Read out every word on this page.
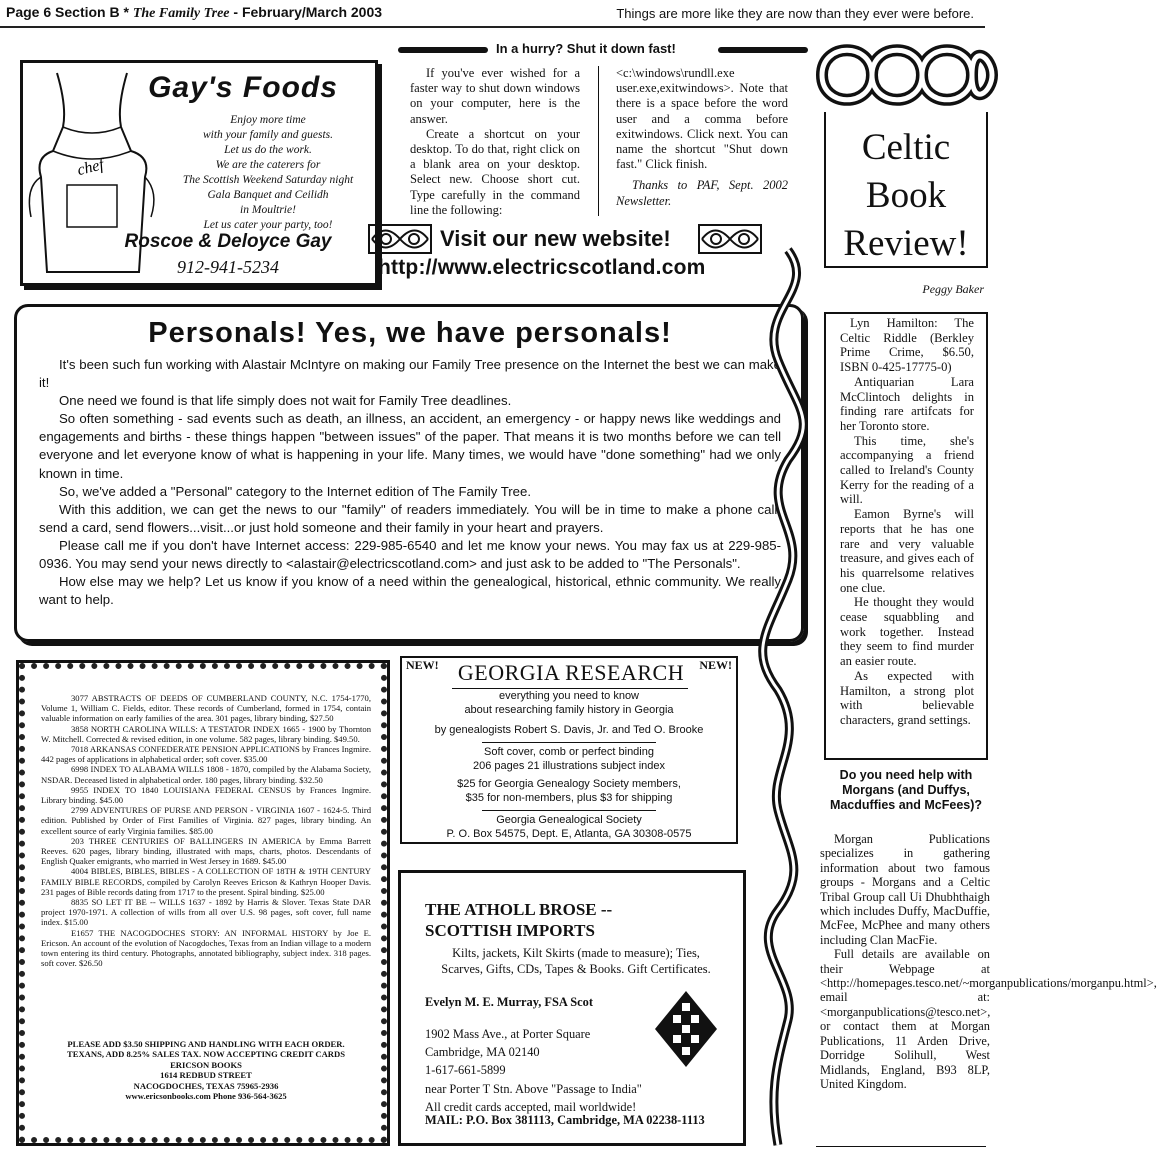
Page 6 Section B * The Family Tree - February/March 2003	Things are more like they are now than they ever were before.
chef
Gay's Foods
Enjoy more time
with your family and guests.
Let us do the work.
We are the caterers for
The Scottish Weekend Saturday night
Gala Banquet and Ceilidh
in Moultrie!
Let us cater your party, too!
Roscoe & Deloyce Gay
912-941-5234
In a hurry? Shut it down fast!

If you've ever wished for a faster way to shut down windows on your computer, here is the answer.

Create a shortcut on your desktop. To do that, right click on a blank area on your desktop. Select new. Choose short cut. Type carefully in the command line the following:

<c:\windows\rundll.exe user.exe,exitwindows>. Note that there is a space before the word user and a comma before exitwindows. Click next. You can name the shortcut "Shut down fast." Click finish.

Thanks to PAF, Sept. 2002 Newsletter.

Visit our new website!
http://www.electricscotland.com
Personals! Yes, we have personals!

It's been such fun working with Alastair McIntyre on making our Family Tree presence on the Internet the best we can make it!

One need we found is that life simply does not wait for Family Tree deadlines.

So often something - sad events such as death, an illness, an accident, an emergency - or happy news like weddings and engagements and births - these things happen "between issues" of the paper. That means it is two months before we can tell everyone and let everyone know of what is happening in your life. Many times, we would have "done something" had we only known in time.

So, we've added a "Personal" category to the Internet edition of The Family Tree.

With this addition, we can get the news to our "family" of readers immediately. You will be in time to make a phone call, send a card, send flowers...visit...or just hold someone and their family in your heart and prayers.

Please call me if you don't have Internet access: 229-985-6540 and let me know your news. You may fax us at 229-985-0936. You may send your news directly to <alastair@electricscotland.com> and just ask to be added to "The Personals".

How else may we help? Let us know if you know of a need within the genealogical, historical, ethnic community. We really want to help.

Celtic
Book
Review!
Peggy Baker

Lyn Hamilton: The Celtic Riddle (Berkley Prime Crime, $6.50, ISBN 0-425-17775-0)

Antiquarian Lara McClintoch delights in finding rare artifcats for her Toronto store.

This time, she's accompanying a friend called to Ireland's County Kerry for the reading of a will.

Eamon Byrne's will reports that he has one rare and very valuable treasure, and gives each of his quarrelsome relatives one clue.

He thought they would cease squabbling and work together. Instead they seem to find murder an easier route.

As expected with Hamilton, a strong plot with believable characters, grand settings.

Do you need help with Morgans (and Duffys, Macduffies and McFees)?

Morgan Publications specializes in gathering information about two famous groups - Morgans and a Celtic Tribal Group call Ui Dhubhthaigh which includes Duffy, MacDuffie, McFee, McPhee and many others including Clan MacFie.

Full details are available on their Webpage at <http://homepages.tesco.net/~morganpublications/morganpu.html>, email at: <morganpublications@tesco.net>, or contact them at Morgan Publications, 11 Arden Drive, Dorridge Solihull, West Midlands, England, B93 8LP, United Kingdom.

3077 ABSTRACTS OF DEEDS OF CUMBERLAND COUNTY, N.C. 1754-1770, Volume 1, William C. Fields, editor. These records of Cumberland, formed in 1754, contain valuable information on early families of the area. 301 pages, library binding, $27.50

3858 NORTH CAROLINA WILLS: A TESTATOR INDEX 1665 - 1900 by Thornton W. Mitchell. Corrected & revised edition, in one volume. 582 pages, library binding. $49.50.

7018 ARKANSAS CONFEDERATE PENSION APPLICATIONS by Frances Ingmire. 442 pages of applications in alphabetical order; soft cover. $35.00

6998 INDEX TO ALABAMA WILLS 1808 - 1870, compiled by the Alabama Society, NSDAR. Deceased listed in alphabetical order. 180 pages, library binding. $32.50

9955 INDEX TO 1840 LOUISIANA FEDERAL CENSUS by Frances Ingmire. Library binding. $45.00

2799 ADVENTURES OF PURSE AND PERSON - VIRGINIA 1607 - 1624-5. Third edition. Published by Order of First Families of Virginia. 827 pages, library binding. An excellent source of early Virginia families. $85.00

203 THREE CENTURIES OF BALLINGERS IN AMERICA by Emma Barrett Reeves. 620 pages, library binding, illustrated with maps, charts, photos. Descendants of English Quaker emigrants, who married in West Jersey in 1689. $45.00

4004 BIBLES, BIBLES, BIBLES - A COLLECTION OF 18TH & 19TH CENTURY FAMILY BIBLE RECORDS, compiled by Carolyn Reeves Ericson & Kathryn Hooper Davis. 231 pages of Bible records dating from 1717 to the present. Spiral binding. $25.00

8835 SO LET IT BE -- WILLS 1637 - 1892 by Harris & Slover. Texas State DAR project 1970-1971. A collection of wills from all over U.S. 98 pages, soft cover, full name index. $15.00

E1657 THE NACOGDOCHES STORY: AN INFORMAL HISTORY by Joe E. Ericson. An account of the evolution of Nacogdoches, Texas from an Indian village to a modern town entering its third century. Photographs, annotated bibliography, subject index. 318 pages. soft cover. $26.50

PLEASE ADD $3.50 SHIPPING AND HANDLING WITH EACH ORDER.
TEXANS, ADD 8.25% SALES TAX. NOW ACCEPTING CREDIT CARDS
ERICSON BOOKS
1614 REDBUD STREET
NACOGDOCHES, TEXAS 75965-2936
www.ericsonbooks.com Phone 936-564-3625
NEW!	NEW!
GEORGIA RESEARCH
everything you need to know
about researching family history in Georgia
by genealogists Robert S. Davis, Jr. and Ted O. Brooke
Soft cover, comb or perfect binding
206 pages 21 illustrations subject index
$25 for Georgia Genealogy Society members,
$35 for non-members, plus $3 for shipping
Georgia Genealogical Society
P. O. Box 54575, Dept. E, Atlanta, GA 30308-0575
THE ATHOLL BROSE --
SCOTTISH IMPORTS
Kilts, jackets, Kilt Skirts (made to measure); Ties,
Scarves, Gifts, CDs, Tapes & Books. Gift Certificates.
Evelyn M. E. Murray, FSA Scot
1902 Mass Ave., at Porter Square
Cambridge, MA 02140
1-617-661-5899
near Porter T Stn. Above "Passage to India"
All credit cards accepted, mail worldwide!
MAIL: P.O. Box 381113, Cambridge, MA 02238-1113
